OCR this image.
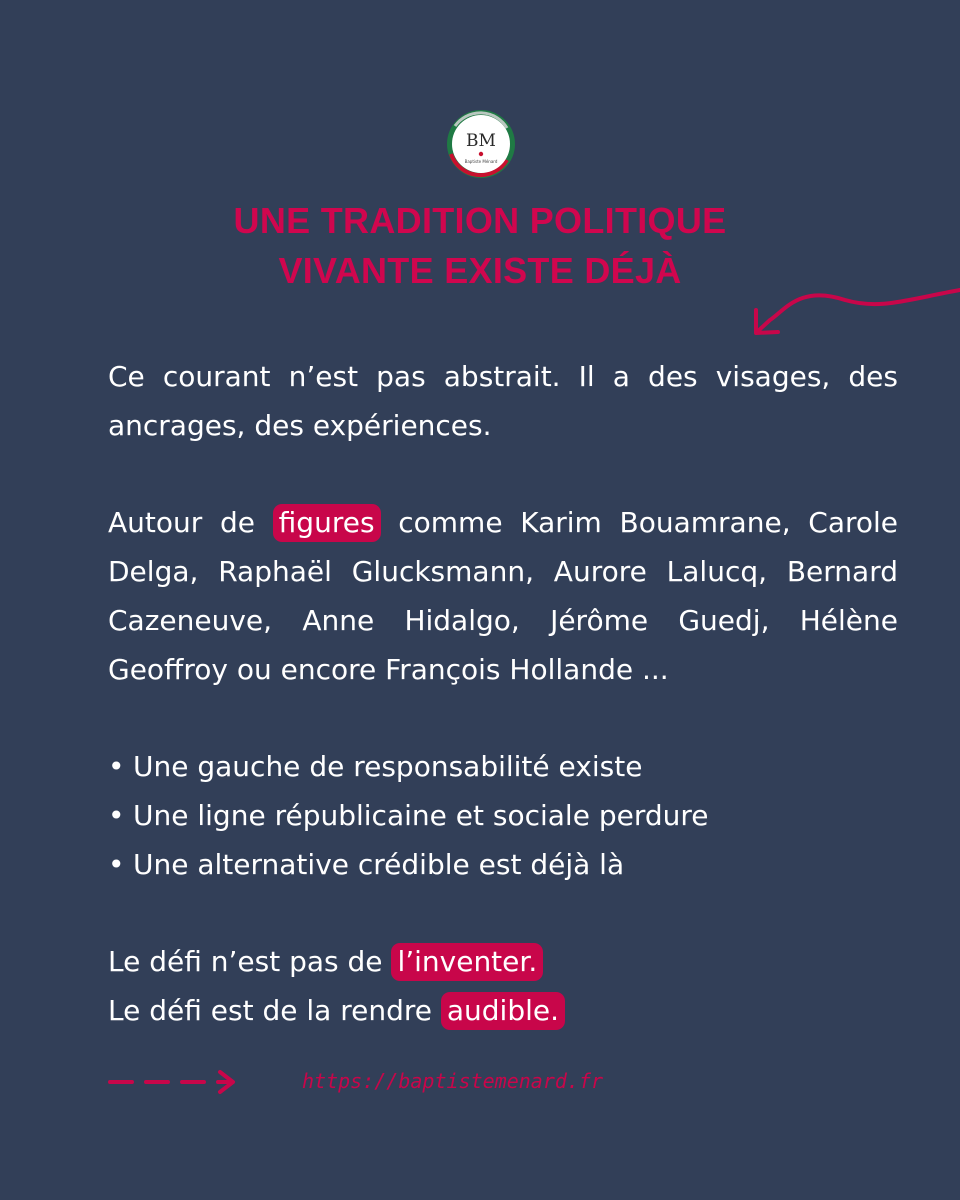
BM
Baptiste Ménard
UNE TRADITION POLITIQUE
VIVANTE EXISTE DÉJÀ

Ce courant n’est pas abstrait. Il a des visages, des ancrages, des expériences.

Autour de figures comme Karim Bouamrane, Carole Delga, Raphaël Glucksmann, Aurore Lalucq, Bernard Cazeneuve, Anne Hidalgo, Jérôme Guedj, Hélène Geoffroy ou encore François Hollande ...

• Une gauche de responsabilité existe
• Une ligne républicaine et sociale perdure
• Une alternative crédible est déjà là
Le défi n’est pas de l’inventer.
Le défi est de la rendre audible.
https://baptistemenard.fr
